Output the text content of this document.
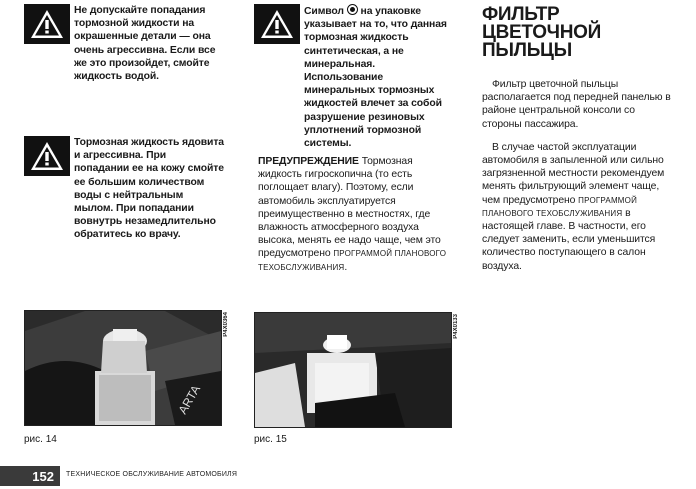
Не допускайте попадания тормозной жидкости на окрашенные детали — она очень агрессивна. Если все же это произойдет, смойте жидкость водой.
Тормозная жидкость ядовита и агрессивна. При попадании ее на кожу смойте ее большим количеством воды с нейтральным мылом. При попадании вовнутрь незамедлительно обратитесь ко врачу.
Символ на упаковке указывает на то, что данная тормозная жидкость синтетическая, а не минеральная. Использование минеральных тормозных жидкостей влечет за собой разрушение резиновых уплотнений тормозной системы.
ПРЕДУПРЕЖДЕНИЕ Тормозная жидкость гигроскопична (то есть поглощает влагу). Поэтому, если автомобиль эксплуатируется преимущественно в местностях, где влажность атмосферного воздуха высока, менять ее надо чаще, чем это предусмотрено ПРОГРАММОЙ ПЛАНОВОГО ТЕХОБСЛУЖИВАНИЯ.
ФИЛЬТР ЦВЕТОЧНОЙ ПЫЛЬЦЫ
Фильтр цветочной пыльцы располагается под передней панелью в районе центральной консоли со стороны пассажира.
В случае частой эксплуатации автомобиля в запыленной или сильно загрязненной местности рекомендуем менять фильтрующий элемент чаще, чем предусмотрено ПРОГРАММОЙ ПЛАНОВОГО ТЕХОБСЛУЖИВАНИЯ в настоящей главе. В частности, его следует заменить, если уменьшится количество поступающего в салон воздуха.
ARTA
P4X0364
рис. 14
P4X0133
рис. 15
152	ТЕХНИЧЕСКОЕ ОБСЛУЖИВАНИЕ АВТОМОБИЛЯ
